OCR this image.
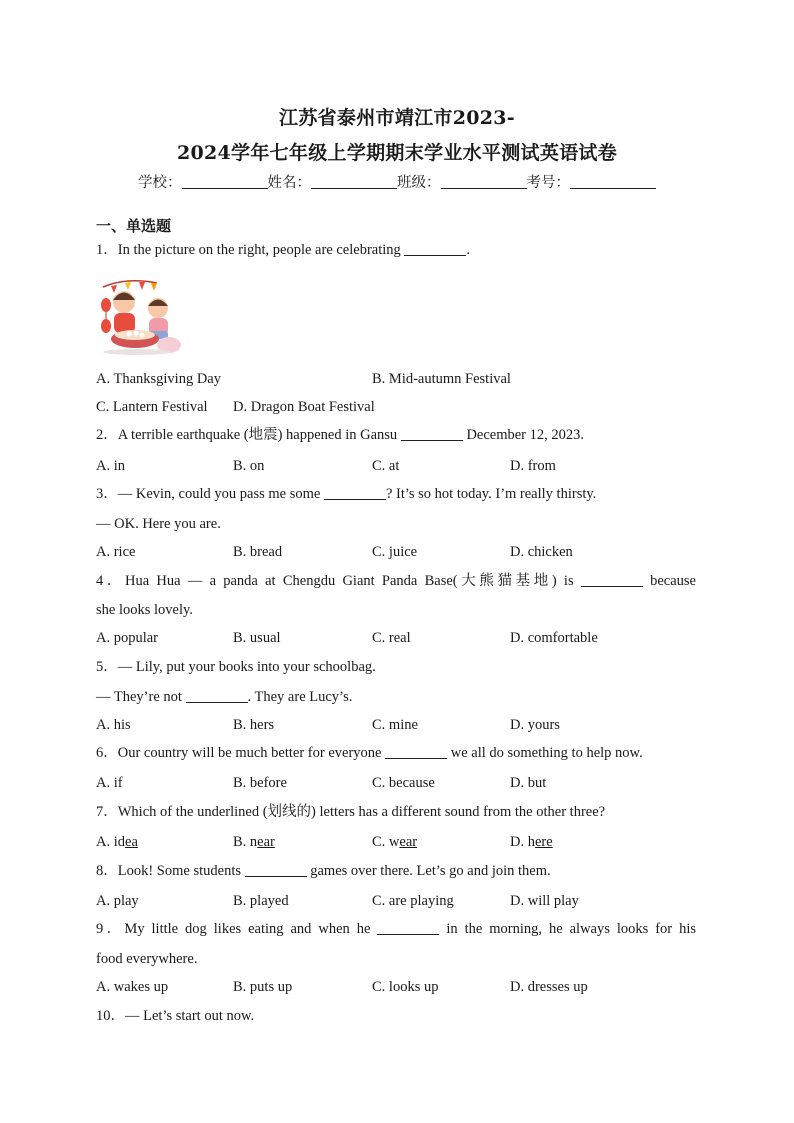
江苏省泰州市靖江市2023-
2024学年七年级上学期期末学业水平测试英语试卷
学校：	姓名：	班级：	考号：
一、单选题
1．In the picture on the right, people are celebrating	.
A. Thanksgiving Day	B. Mid-autumn Festival
C. Lantern Festival D. Dragon Boat Festival
2．A terrible earthquake (地震) happened in Gansu	December 12, 2023.
A. in	B. on	C. at	D. from
3．— Kevin, could you pass me some	? It’s so hot today. I’m really thirsty.
— OK. Here you are.
A. rice	B. bread	C. juice	D. chicken
4．Hua Hua — a panda at Chengdu Giant Panda Base(大熊猫基地) is	because
she looks lovely.
A. popular	B. usual	C. real	D. comfortable
5．— Lily, put your books into your schoolbag.
— They’re not	. They are Lucy’s.
A. his	B. hers	C. mine	D. yours
6．Our country will be much better for everyone	we all do something to help now.
A. if	B. before	C. because	D. but
7．Which of the underlined (划线的) letters has a different sound from the other three?
A. idea	B. near	C. wear	D. here
8．Look! Some students	games over there. Let’s go and join them.
A. play	B. played	C. are playing	D. will play
9．My little dog likes eating and when he	in the morning, he always looks for his
food everywhere.
A. wakes up	B. puts up	C. looks up	D. dresses up
10．— Let’s start out now.
